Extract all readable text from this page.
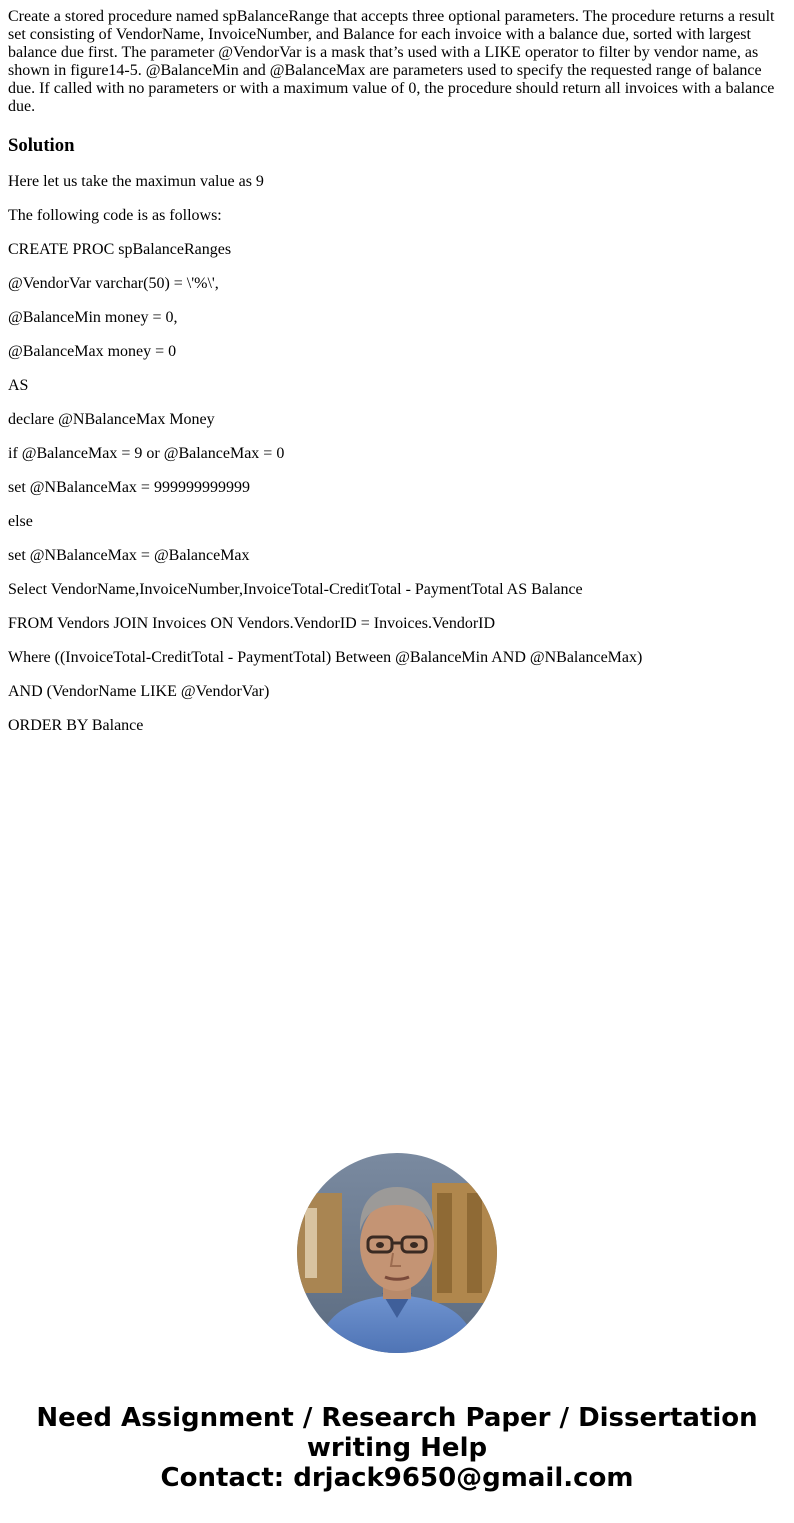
Create a stored procedure named spBalanceRange that accepts three optional parameters. The procedure returns a result set consisting of VendorName, InvoiceNumber, and Balance for each invoice with a balance due, sorted with largest balance due first. The parameter @VendorVar is a mask that’s used with a LIKE operator to filter by vendor name, as shown in figure14-5. @BalanceMin and @BalanceMax are parameters used to specify the requested range of balance due. If called with no parameters or with a maximum value of 0, the procedure should return all invoices with a balance due.

Solution

Here let us take the maximun value as 9

The following code is as follows:

CREATE PROC spBalanceRanges

@VendorVar varchar(50) = \'%\',

@BalanceMin money = 0,

@BalanceMax money = 0

AS

declare @NBalanceMax Money

if @BalanceMax = 9 or @BalanceMax = 0

set @NBalanceMax = 999999999999

else

set @NBalanceMax = @BalanceMax

Select VendorName,InvoiceNumber,InvoiceTotal-CreditTotal - PaymentTotal AS Balance

FROM Vendors JOIN Invoices ON Vendors.VendorID = Invoices.VendorID

Where ((InvoiceTotal-CreditTotal - PaymentTotal) Between @BalanceMin AND @NBalanceMax)

AND (VendorName LIKE @VendorVar)

ORDER BY Balance

Need Assignment / Research Paper / Dissertation
writing Help
Contact: drjack9650@gmail.com
